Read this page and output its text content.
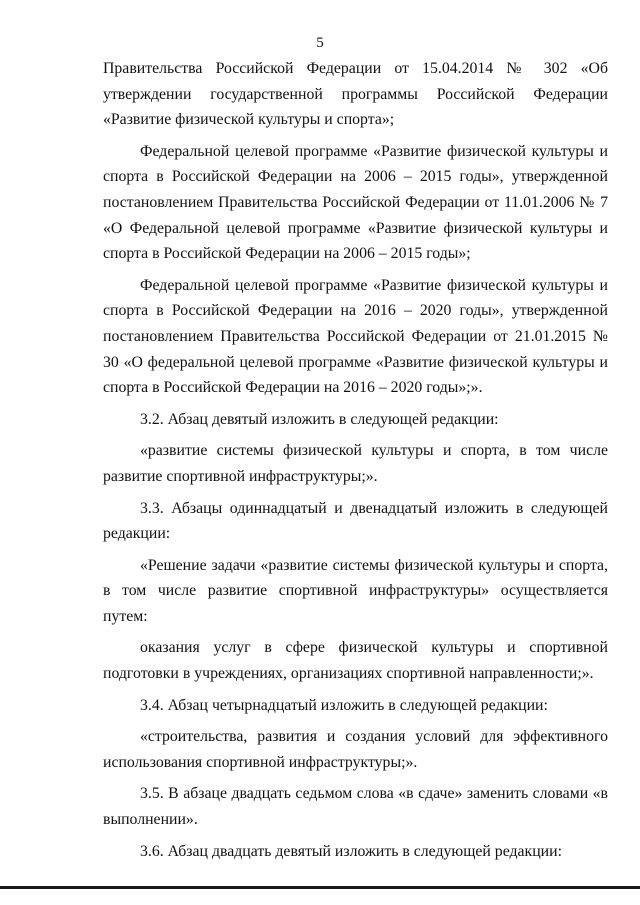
5

Правительства Российской Федерации от 15.04.2014 № 302 «Об утверждении государственной программы Российской Федерации «Развитие физической культуры и спорта»;

Федеральной целевой программе «Развитие физической культуры и спорта в Российской Федерации на 2006 – 2015 годы», утвержденной постановлением Правительства Российской Федерации от 11.01.2006 № 7 «О Федеральной целевой программе «Развитие физической культуры и спорта в Российской Федерации на 2006 – 2015 годы»;

Федеральной целевой программе «Развитие физической культуры и спорта в Российской Федерации на 2016 – 2020 годы», утвержденной постановлением Правительства Российской Федерации от 21.01.2015 № 30 «О федеральной целевой программе «Развитие физической культуры и спорта в Российской Федерации на 2016 – 2020 годы»;».

3.2. Абзац девятый изложить в следующей редакции:

«развитие системы физической культуры и спорта, в том числе развитие спортивной инфраструктуры;».

3.3. Абзацы одиннадцатый и двенадцатый изложить в следующей редакции:

«Решение задачи «развитие системы физической культуры и спорта, в том числе развитие спортивной инфраструктуры» осуществляется путем:

оказания услуг в сфере физической культуры и спортивной подготовки в учреждениях, организациях спортивной направленности;».

3.4. Абзац четырнадцатый изложить в следующей редакции:

«строительства, развития и создания условий для эффективного использования спортивной инфраструктуры;».

3.5. В абзаце двадцать седьмом слова «в сдаче» заменить словами «в выполнении».

3.6. Абзац двадцать девятый изложить в следующей редакции:
